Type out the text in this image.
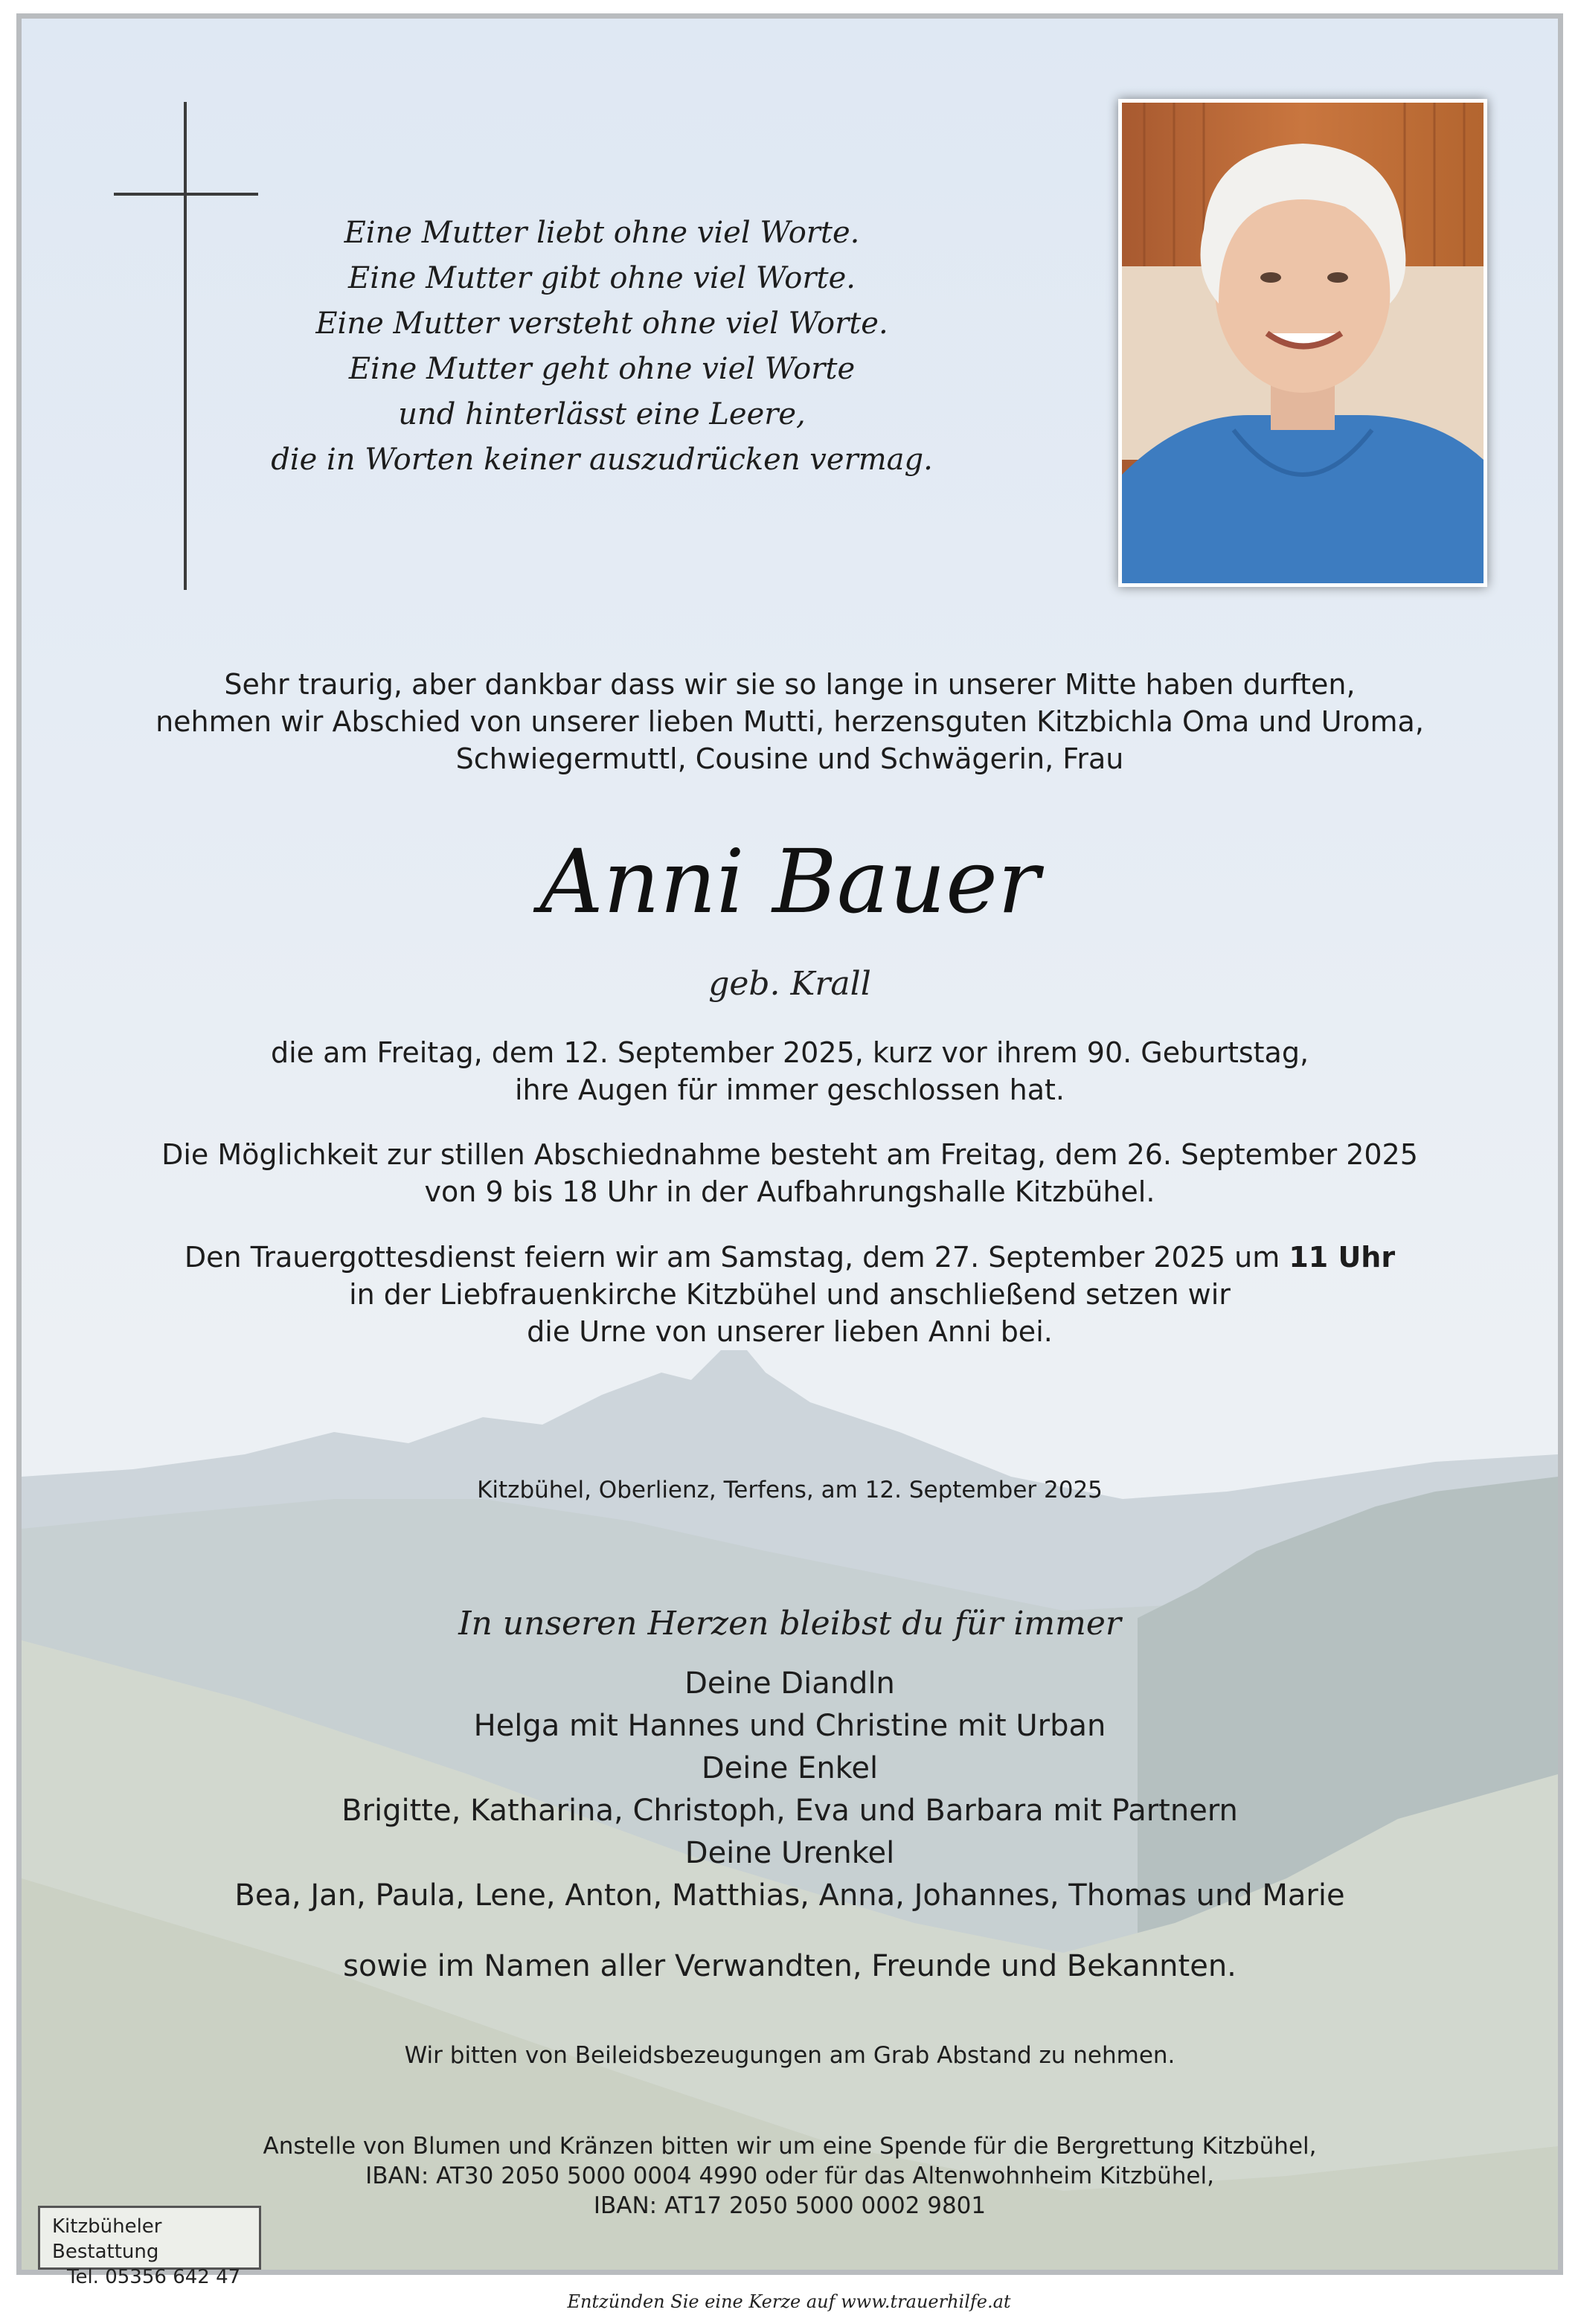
Eine Mutter liebt ohne viel Worte.
Eine Mutter gibt ohne viel Worte.
Eine Mutter versteht ohne viel Worte.
Eine Mutter geht ohne viel Worte
und hinterlässt eine Leere,
die in Worten keiner auszudrücken vermag.
Sehr traurig, aber dankbar dass wir sie so lange in unserer Mitte haben durften,
nehmen wir Abschied von unserer lieben Mutti, herzensguten Kitzbichla Oma und Uroma,
Schwiegermuttl, Cousine und Schwägerin, Frau
Anni Bauer
geb. Krall
die am Freitag, dem 12. September 2025, kurz vor ihrem 90. Geburtstag,
ihre Augen für immer geschlossen hat.
Die Möglichkeit zur stillen Abschiednahme besteht am Freitag, dem 26. September 2025
von 9 bis 18 Uhr in der Aufbahrungshalle Kitzbühel.
Den Trauergottesdienst feiern wir am Samstag, dem 27. September 2025 um 11 Uhr
in der Liebfrauenkirche Kitzbühel und anschließend setzen wir
die Urne von unserer lieben Anni bei.
Kitzbühel, Oberlienz, Terfens, am 12. September 2025
In unseren Herzen bleibst du für immer
Deine Diandln
Helga mit Hannes und Christine mit Urban
Deine Enkel
Brigitte, Katharina, Christoph, Eva und Barbara mit Partnern
Deine Urenkel
Bea, Jan, Paula, Lene, Anton, Matthias, Anna, Johannes, Thomas und Marie
sowie im Namen aller Verwandten, Freunde und Bekannten.
Wir bitten von Beileidsbezeugungen am Grab Abstand zu nehmen.
Anstelle von Blumen und Kränzen bitten wir um eine Spende für die Bergrettung Kitzbühel,
IBAN: AT30 2050 5000 0004 4990 oder für das Altenwohnheim Kitzbühel,
IBAN: AT17 2050 5000 0002 9801
Kitzbüheler Bestattung
Tel. 05356 642 47
Entzünden Sie eine Kerze auf www.trauerhilfe.at
